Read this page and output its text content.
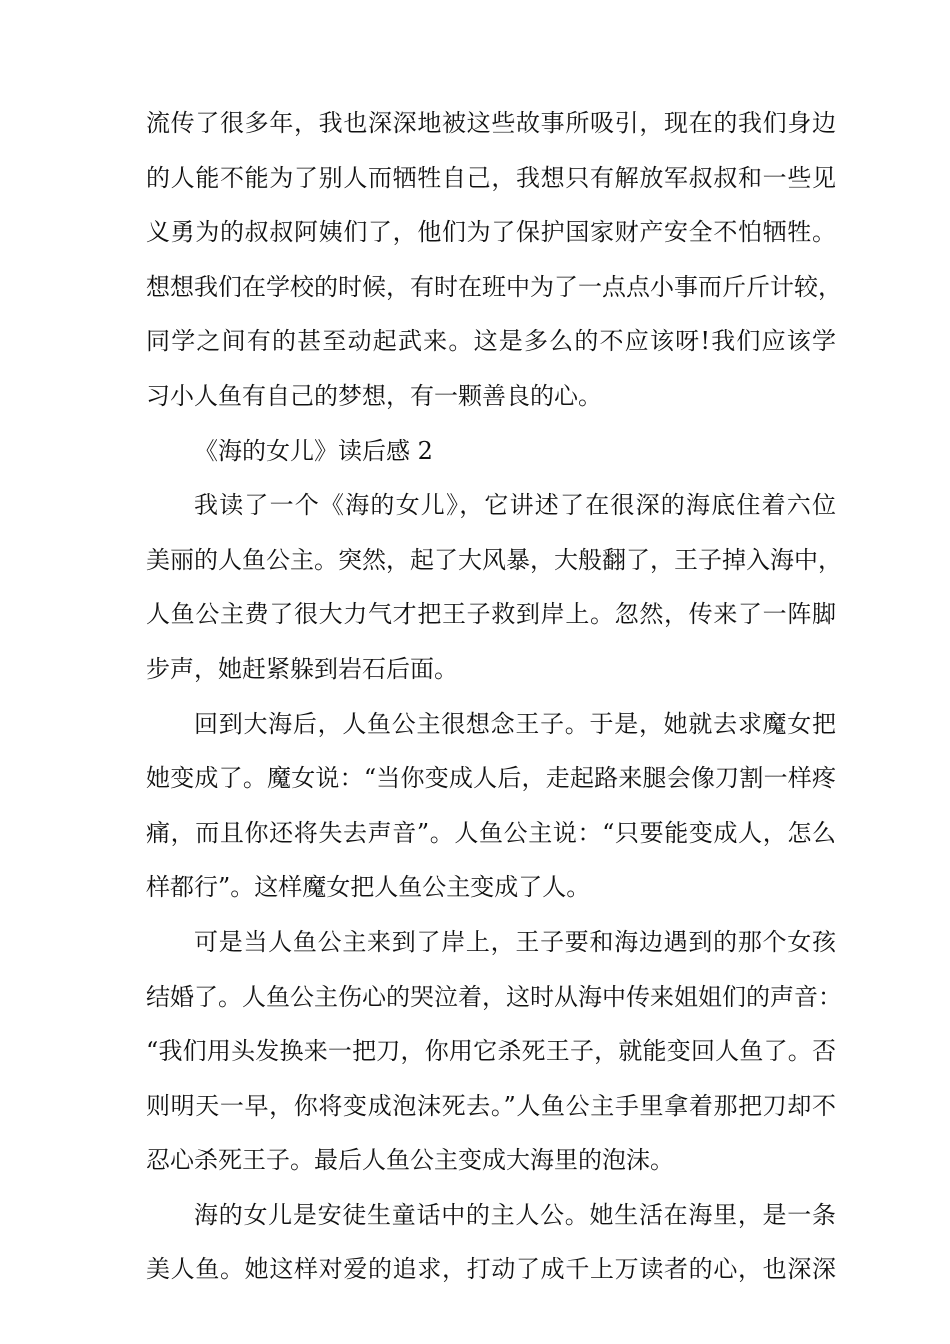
流传了很多年，我也深深地被这些故事所吸引，现在的我们身边
的人能不能为了别人而牺牲自己，我想只有解放军叔叔和一些见
义勇为的叔叔阿姨们了，他们为了保护国家财产安全不怕牺牲。
想想我们在学校的时候，有时在班中为了一点点小事而斤斤计较，
同学之间有的甚至动起武来。这是多么的不应该呀!我们应该学
习小人鱼有自己的梦想，有一颗善良的心。
《海的女儿》读后感 2
我读了一个《海的女儿》，它讲述了在很深的海底住着六位
美丽的人鱼公主。突然，起了大风暴，大般翻了，王子掉入海中，
人鱼公主费了很大力气才把王子救到岸上。忽然，传来了一阵脚
步声，她赶紧躲到岩石后面。
回到大海后，人鱼公主很想念王子。于是，她就去求魔女把
她变成了。魔女说：“当你变成人后，走起路来腿会像刀割一样疼
痛，而且你还将失去声音”。人鱼公主说：“只要能变成人，怎么
样都行”。这样魔女把人鱼公主变成了人。
可是当人鱼公主来到了岸上，王子要和海边遇到的那个女孩
结婚了。人鱼公主伤心的哭泣着，这时从海中传来姐姐们的声音：
“我们用头发换来一把刀，你用它杀死王子，就能变回人鱼了。否
则明天一早，你将变成泡沫死去。”人鱼公主手里拿着那把刀却不
忍心杀死王子。最后人鱼公主变成大海里的泡沫。
海的女儿是安徒生童话中的主人公。她生活在海里，是一条
美人鱼。她这样对爱的追求，打动了成千上万读者的心，也深深
